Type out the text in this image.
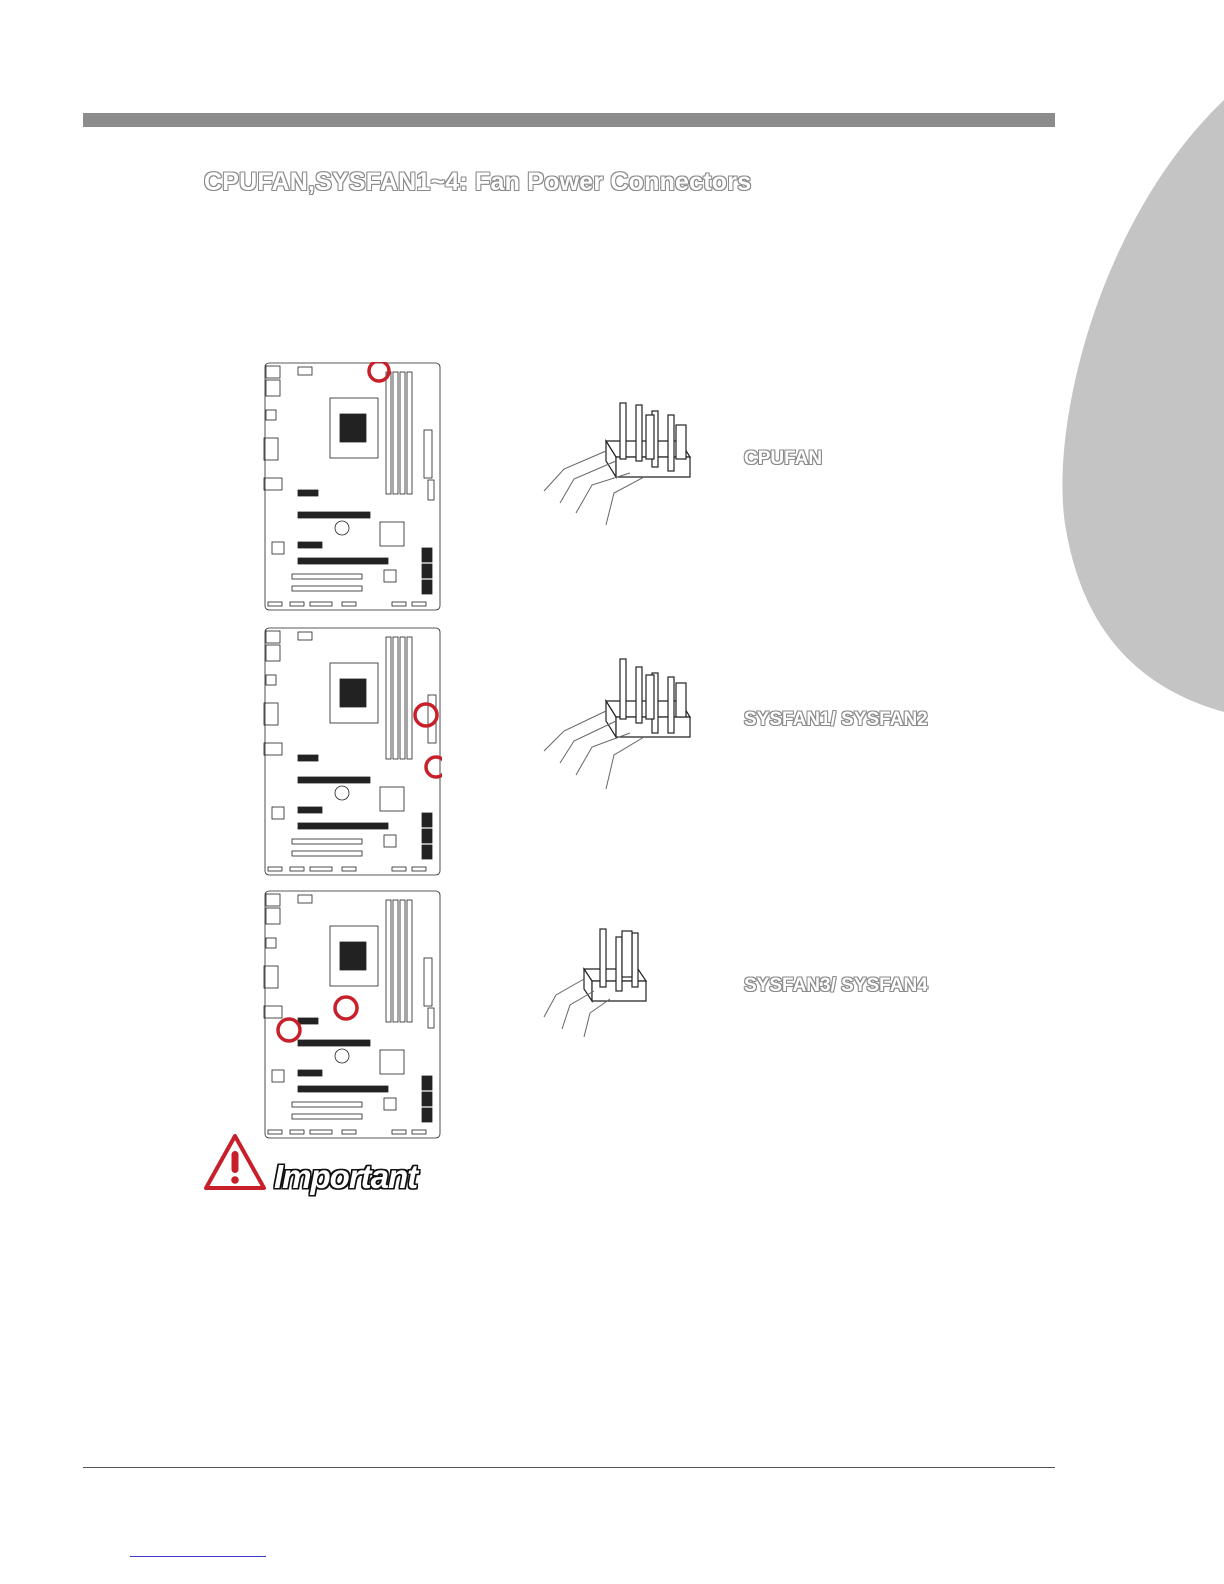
CPUFAN,SYSFAN1~4: Fan Power Connectors
CPUFAN
SYSFAN1/ SYSFAN2
SYSFAN3/ SYSFAN4
Important
